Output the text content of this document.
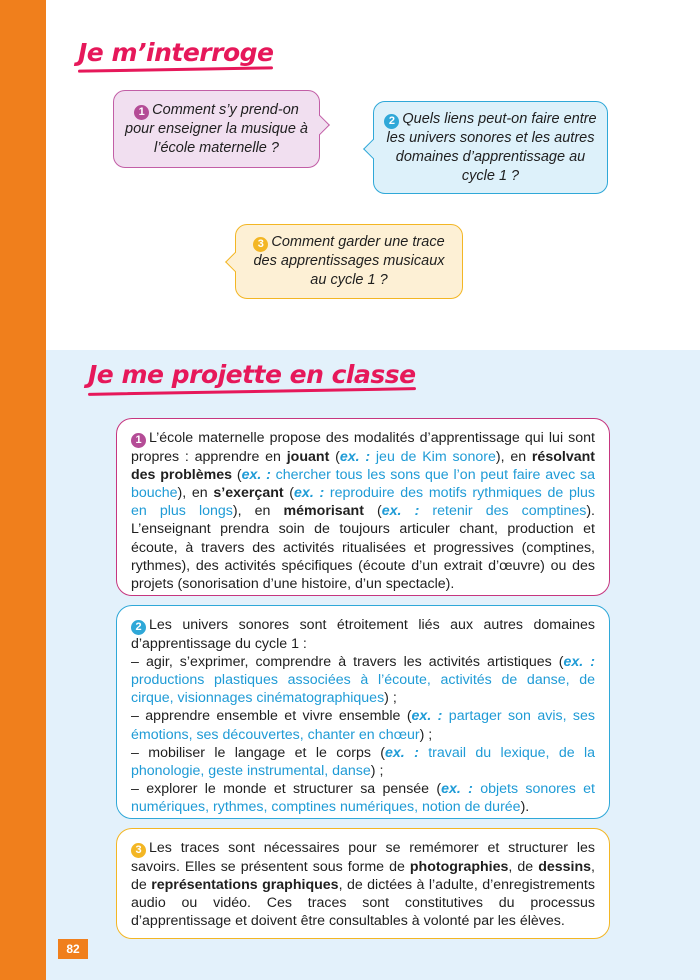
Je m’interroge
1 Comment s’y prend-on pour enseigner la musique à l’école maternelle ?
2 Quels liens peut-on faire entre les univers sonores et les autres domaines d’apprentissage au cycle 1 ?
3 Comment garder une trace des apprentissages musicaux au cycle 1 ?
Je me projette en classe

1 L’école maternelle propose des modalités d’apprentissage qui lui sont propres : apprendre en jouant (ex. : jeu de Kim sonore), en résolvant des problèmes (ex. : chercher tous les sons que l’on peut faire avec sa bouche), en s’exerçant (ex. : reproduire des motifs rythmiques de plus en plus longs), en mémorisant (ex. : retenir des comptines). L’enseignant prendra soin de toujours articuler chant, production et écoute, à travers des activités ritualisées et progressives (comptines, rythmes), des activités spécifiques (écoute d’un extrait d’œuvre) ou des projets (sonorisation d’une histoire, d’un spectacle).

2 Les univers sonores sont étroitement liés aux autres domaines d’apprentissage du cycle 1 :

– agir, s’exprimer, comprendre à travers les activités artistiques (ex. : productions plastiques associées à l’écoute, activités de danse, de cirque, visionnages cinématographiques) ;

– apprendre ensemble et vivre ensemble (ex. : partager son avis, ses émotions, ses découvertes, chanter en chœur) ;

– mobiliser le langage et le corps (ex. : travail du lexique, de la phonologie, geste instrumental, danse) ;

– explorer le monde et structurer sa pensée (ex. : objets sonores et numériques, rythmes, comptines numériques, notion de durée).

3 Les traces sont nécessaires pour se remémorer et structurer les savoirs. Elles se présentent sous forme de photographies, de dessins, de représentations graphiques, de dictées à l’adulte, d’enregistrements audio ou vidéo. Ces traces sont constitutives du processus d’apprentissage et doivent être consultables à volonté par les élèves.

82
